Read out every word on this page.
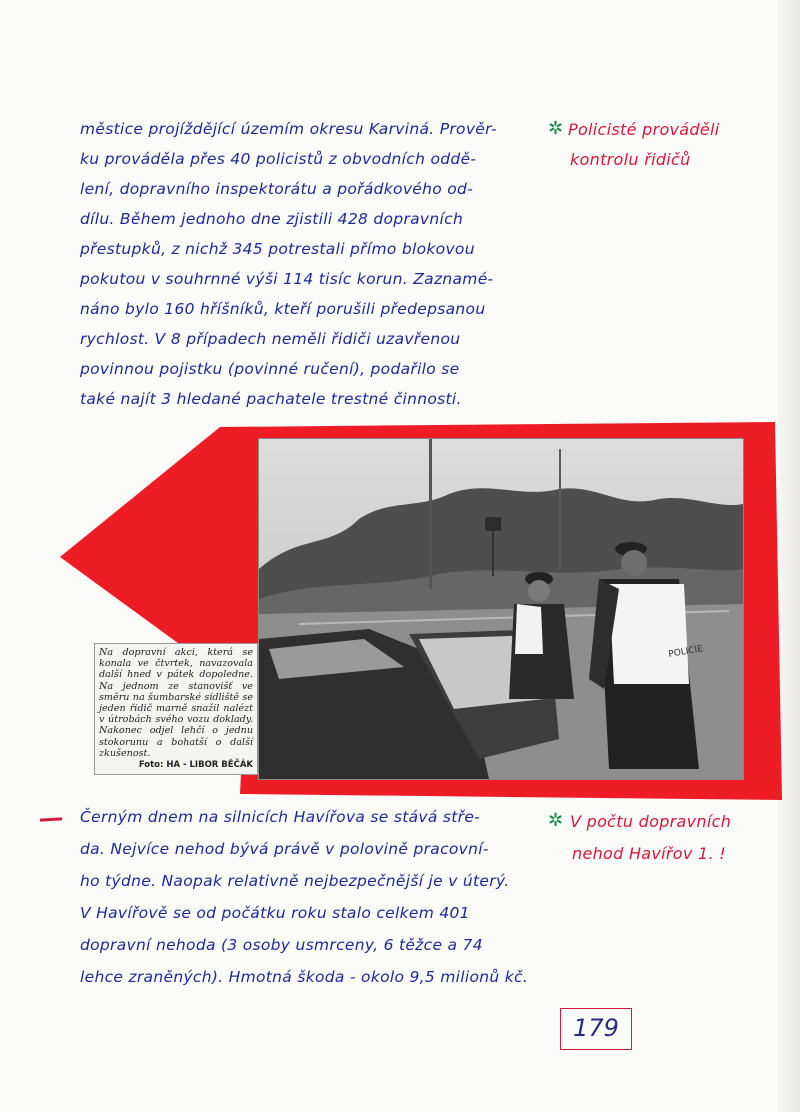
městice projíždějící územím okresu Karviná. Prověr-
ku prováděla přes 40 policistů z obvodních oddě-
lení, dopravního inspektorátu a pořádkového od-
dílu. Během jednoho dne zjistili 428 dopravních
přestupků, z nichž 345 potrestali přímo blokovou
pokutou v souhrnné výši 114 tisíc korun. Zaznamé-
náno bylo 160 hříšníků, kteří porušili předepsanou
rychlost. V 8 případech neměli řidiči uzavřenou
povinnou pojistku (povinné ručení), podařilo se
také najít 3 hledané pachatele trestné činnosti.
✲ Policisté prováděli
kontrolu řidičů
POLICIE
Na dopravní akci, která se konala ve čtvrtek, navazovala další hned v pátek dopoledne. Na jednom ze stanovišť ve směru na šumbarské sídliště se jeden řidič marně snažil nalézt v útrobách svého vozu doklady. Nakonec odjel lehčí o jednu stokorunu a bohatší o další zkušenost.
Foto: HA - LIBOR BĚČÁK
Černým dnem na silnicích Havířova se stává stře-
da. Nejvíce nehod bývá právě v polovině pracovní-
ho týdne. Naopak relativně nejbezpečnější je v úterý.
V Havířově se od počátku roku stalo celkem 401
dopravní nehoda (3 osoby usmrceny, 6 těžce a 74
lehce zraněných). Hmotná škoda - okolo 9,5 milionů kč.
✲ V počtu dopravních
nehod Havířov 1. !
179
